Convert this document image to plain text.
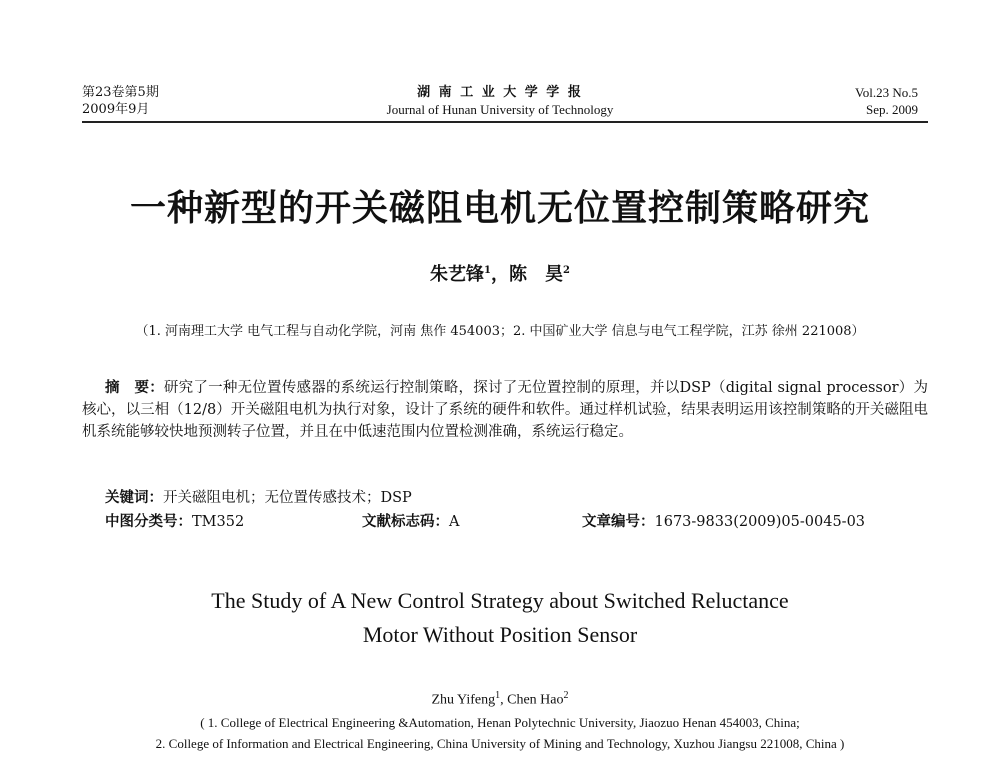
第23卷第5期
2009年9月
湖 南 工 业 大 学 学 报
Journal of Hunan University of Technology
Vol.23 No.5
Sep. 2009
一种新型的开关磁阻电机无位置控制策略研究
朱艺锋$^1$，陈　昊$^2$
（1. 河南理工大学 电气工程与自动化学院，河南 焦作 454003；2. 中国矿业大学 信息与电气工程学院，江苏 徐州 221008）
摘　要：研究了一种无位置传感器的系统运行控制策略，探讨了无位置控制的原理，并以DSP（digital signal processor）为核心，以三相（12/8）开关磁阻电机为执行对象，设计了系统的硬件和软件。通过样机试验，结果表明运用该控制策略的开关磁阻电机系统能够较快地预测转子位置，并且在中低速范围内位置检测准确，系统运行稳定。
关键词：开关磁阻电机；无位置传感技术；DSP
中图分类号：TM352	文献标志码：A	文章编号：1673-9833(2009)05-0045-03
The Study of A New Control Strategy about Switched Reluctance
Motor Without Position Sensor
Zhu Yifeng$^1$, Chen Hao$^2$
( 1. College of Electrical Engineering &Automation, Henan Polytechnic University, Jiaozuo Henan 454003, China;
2. College of Information and Electrical Engineering, China University of Mining and Technology, Xuzhou Jiangsu 221008, China )
